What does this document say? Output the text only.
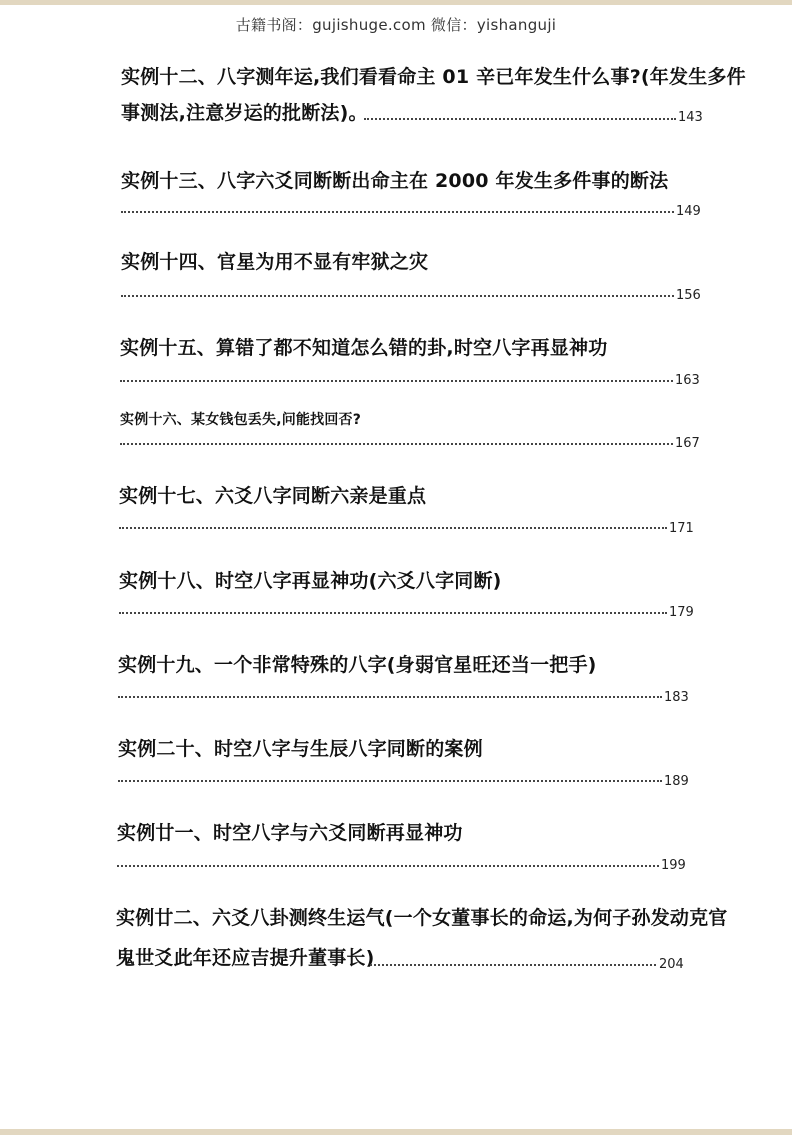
古籍书阁：gujishuge.com 微信：yishanguji
实例十二、八字测年运,我们看看命主 01 辛已年发生什么事?(年发生多件
事测法,注意岁运的批断法)。	143
实例十三、八字六爻同断断出命主在 2000 年发生多件事的断法
149
实例十四、官星为用不显有牢狱之灾
156
实例十五、算错了都不知道怎么错的卦,时空八字再显神功
163
实例十六、某女钱包丢失,问能找回否?
167
实例十七、六爻八字同断六亲是重点
171
实例十八、时空八字再显神功(六爻八字同断)
179
实例十九、一个非常特殊的八字(身弱官星旺还当一把手)
183
实例二十、时空八字与生辰八字同断的案例
189
实例廿一、时空八字与六爻同断再显神功
199
实例廿二、六爻八卦测终生运气(一个女董事长的命运,为何子孙发动克官
鬼世爻此年还应吉提升董事长)	204
